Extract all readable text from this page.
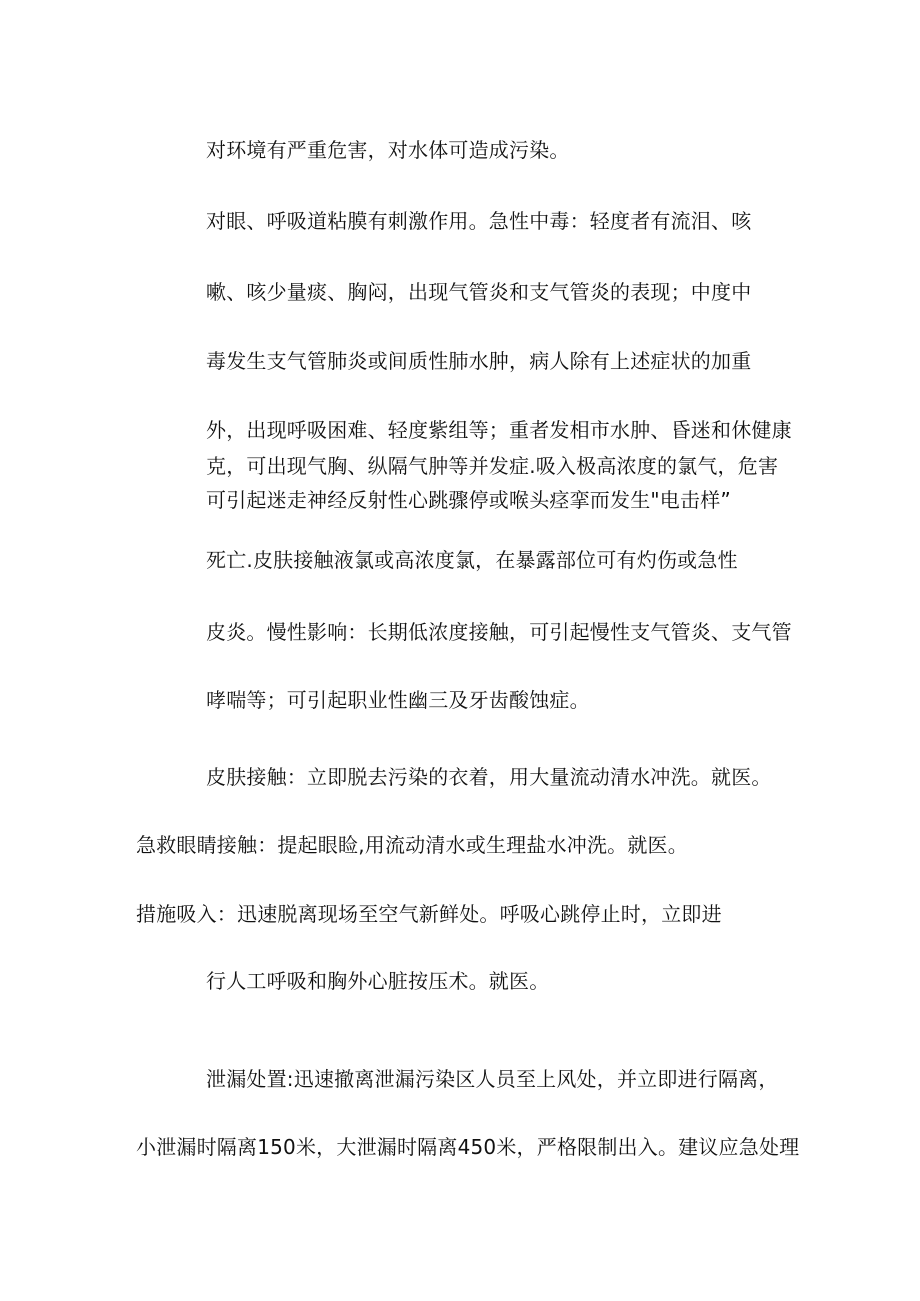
对环境有严重危害，对水体可造成污染。
对眼、呼吸道粘膜有刺激作用。急性中毒：轻度者有流泪、咳
嗽、咳少量痰、胸闷，出现气管炎和支气管炎的表现；中度中
毒发生支气管肺炎或间质性肺水肿，病人除有上述症状的加重
外，出现呼吸困难、轻度紫组等；重者发相市水肿、昏迷和休健康
克，可出现气胸、纵隔气肿等并发症.吸入极高浓度的氯气，危害
可引起迷走神经反射性心跳骤停或喉头痉挛而发生"电击样”
死亡.皮肤接触液氯或高浓度氯，在暴露部位可有灼伤或急性
皮炎。慢性影响：长期低浓度接触，可引起慢性支气管炎、支气管
哮喘等；可引起职业性幽三及牙齿酸蚀症。
皮肤接触：立即脱去污染的衣着，用大量流动清水冲洗。就医。
急救眼睛接触：提起眼睑,用流动清水或生理盐水冲洗。就医。
措施吸入：迅速脱离现场至空气新鲜处。呼吸心跳停止时，立即进
行人工呼吸和胸外心脏按压术。就医。
泄漏处置:迅速撤离泄漏污染区人员至上风处，并立即进行隔离，
小泄漏时隔离150米，大泄漏时隔离450米，严格限制出入。建议应急处理
